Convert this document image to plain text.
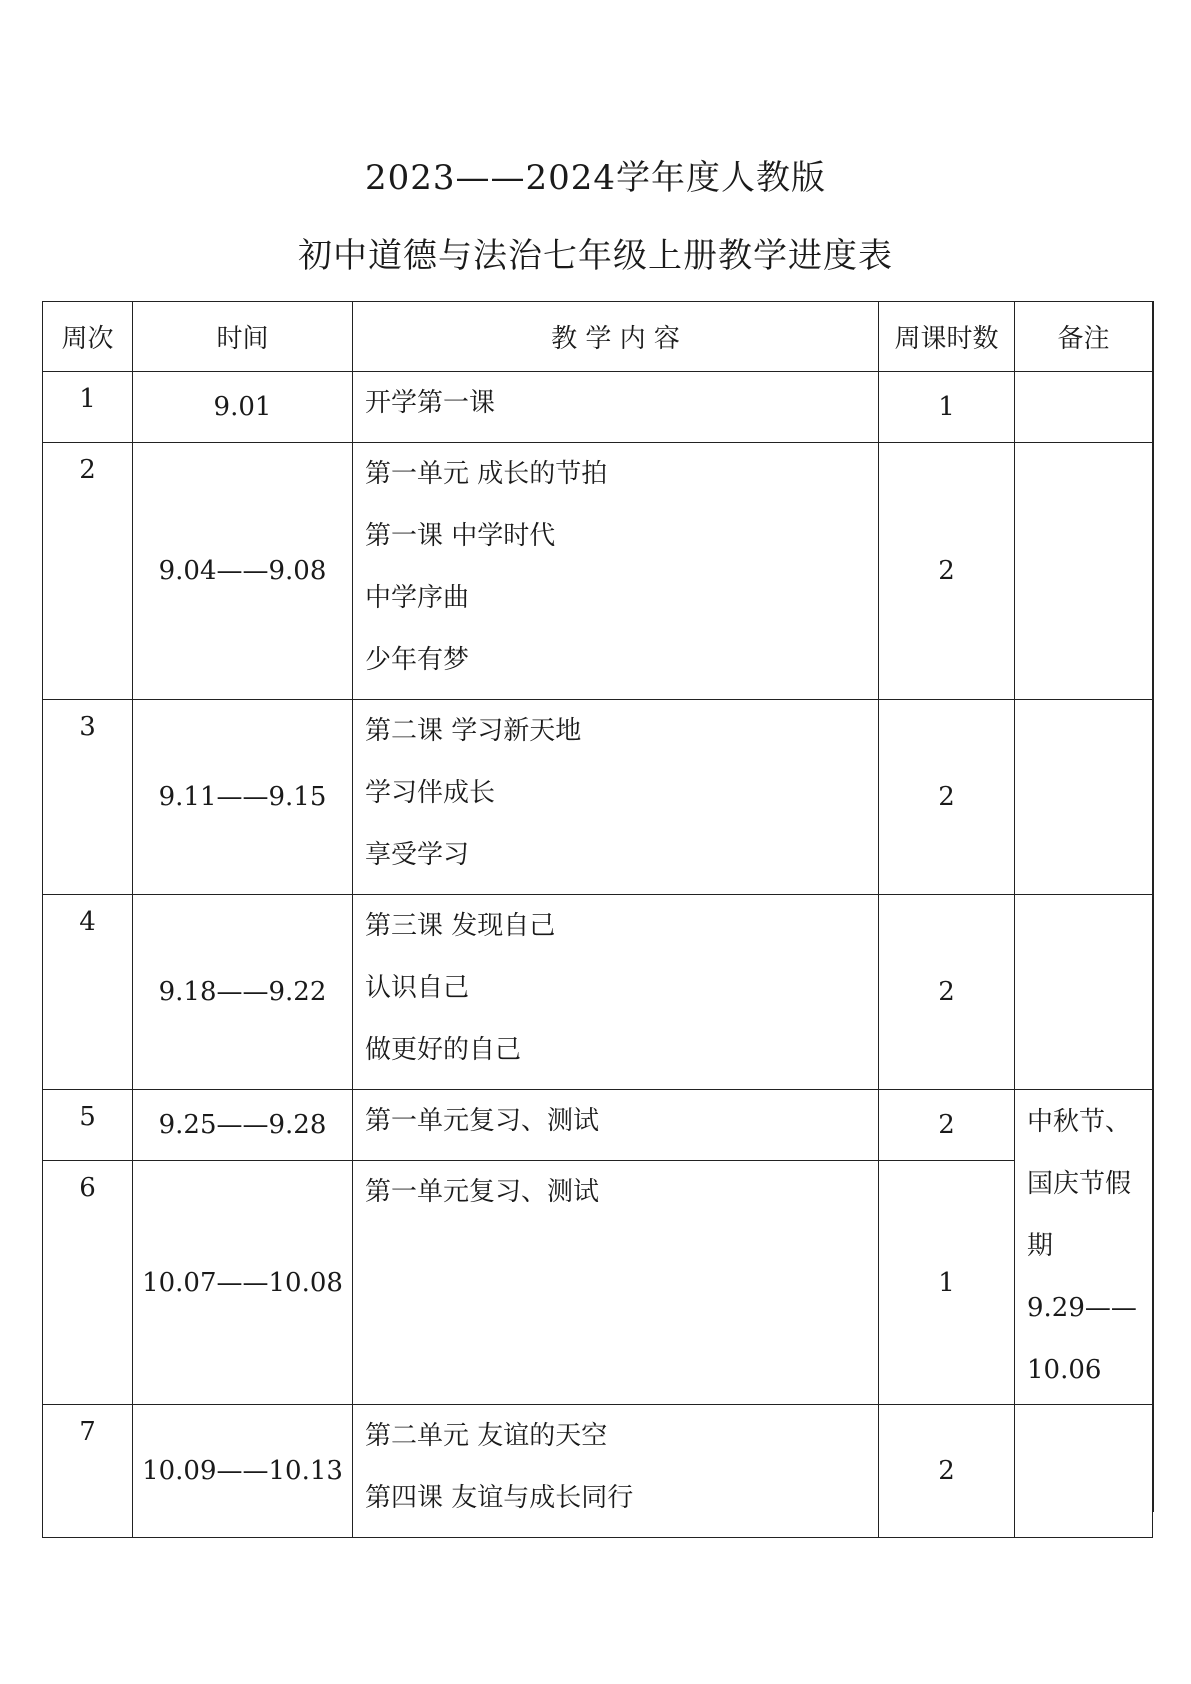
2023——2024学年度人教版
初中道德与法治七年级上册教学进度表
周次	时间	教 学 内 容	周课时数	备注
1	9.01	开学第一课	1	
2	9.04——9.08	第一单元 成长的节拍
第一课 中学时代
中学序曲
少年有梦	2	
3	9.11——9.15	第二课 学习新天地
学习伴成长
享受学习	2	
4	9.18——9.22	第三课 发现自己
认识自己
做更好的自己	2	
5	9.25——9.28	第一单元复习、测试	2	中秋节、
国庆节假
期
9.29——
10.06

6	10.07——10.08	第一单元复习、测试	1	
7	10.09——10.13	第二单元 友谊的天空
第四课 友谊与成长同行	2	
